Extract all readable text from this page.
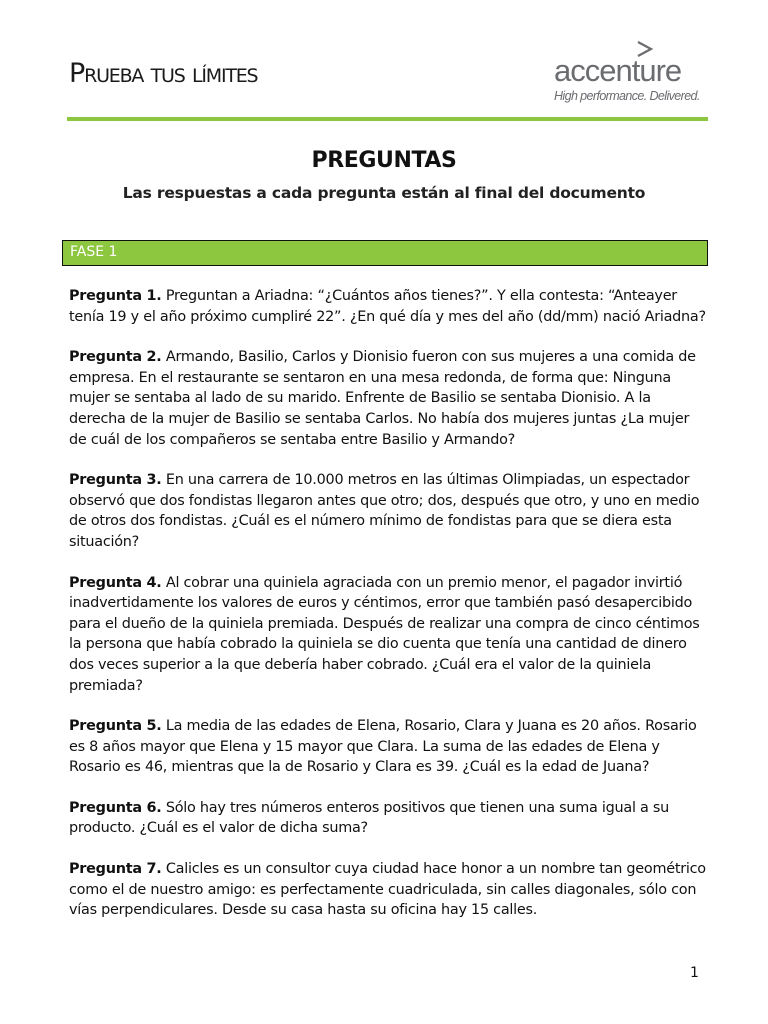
Prueba tus límites	accenture
High performance. Delivered.
PREGUNTAS
Las respuestas a cada pregunta están al final del documento
FASE 1

Pregunta 1. Preguntan a Ariadna: “¿Cuántos años tienes?”. Y ella contesta: “Anteayer tenía 19 y el año próximo cumpliré 22”. ¿En qué día y mes del año (dd/mm) nació Ariadna?

Pregunta 2. Armando, Basilio, Carlos y Dionisio fueron con sus mujeres a una comida de empresa. En el restaurante se sentaron en una mesa redonda, de forma que: Ninguna mujer se sentaba al lado de su marido. Enfrente de Basilio se sentaba Dionisio. A la derecha de la mujer de Basilio se sentaba Carlos. No había dos mujeres juntas ¿La mujer de cuál de los compañeros se sentaba entre Basilio y Armando?

Pregunta 3. En una carrera de 10.000 metros en las últimas Olimpiadas, un espectador observó que dos fondistas llegaron antes que otro; dos, después que otro, y uno en medio de otros dos fondistas. ¿Cuál es el número mínimo de fondistas para que se diera esta situación?

Pregunta 4. Al cobrar una quiniela agraciada con un premio menor, el pagador invirtió inadvertidamente los valores de euros y céntimos, error que también pasó desapercibido para el dueño de la quiniela premiada. Después de realizar una compra de cinco céntimos la persona que había cobrado la quiniela se dio cuenta que tenía una cantidad de dinero dos veces superior a la que debería haber cobrado. ¿Cuál era el valor de la quiniela premiada?

Pregunta 5. La media de las edades de Elena, Rosario, Clara y Juana es 20 años. Rosario es 8 años mayor que Elena y 15 mayor que Clara. La suma de las edades de Elena y Rosario es 46, mientras que la de Rosario y Clara es 39. ¿Cuál es la edad de Juana?

Pregunta 6. Sólo hay tres números enteros positivos que tienen una suma igual a su producto. ¿Cuál es el valor de dicha suma?

Pregunta 7. Calicles es un consultor cuya ciudad hace honor a un nombre tan geométrico como el de nuestro amigo: es perfectamente cuadriculada, sin calles diagonales, sólo con vías perpendiculares. Desde su casa hasta su oficina hay 15 calles.

1
